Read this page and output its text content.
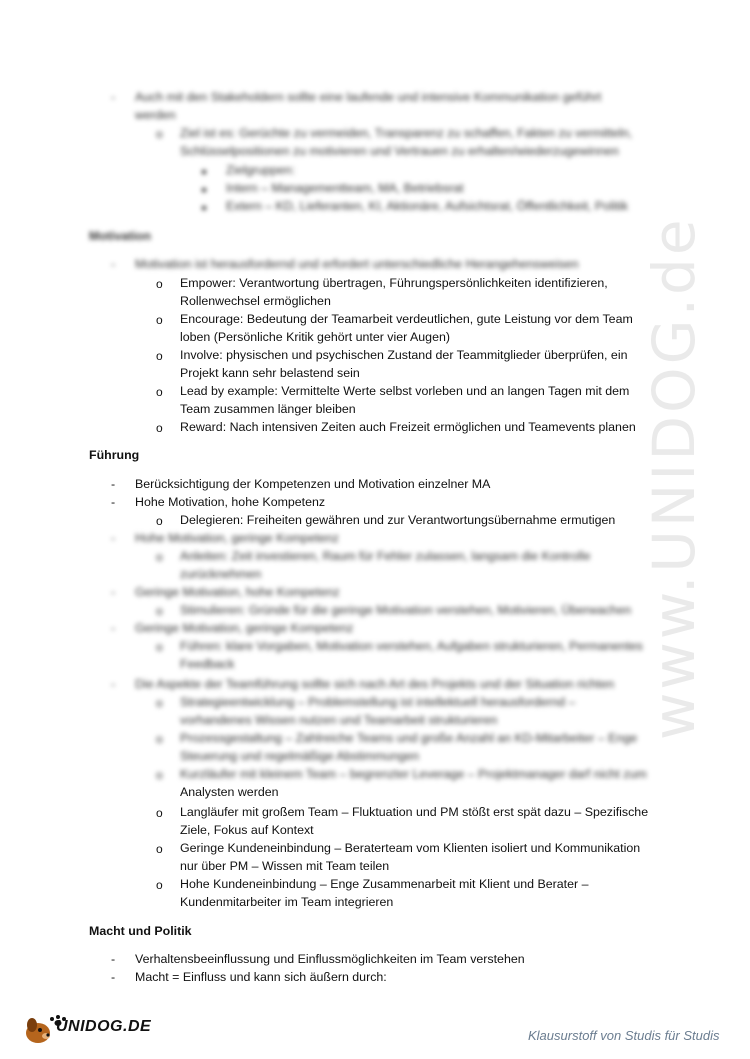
www.UNIDOG.de
- Auch mit den Stakeholdern sollte eine laufende und intensive Kommunikation geführt
werden
o Ziel ist es: Gerüchte zu vermeiden, Transparenz zu schaffen, Fakten zu vermitteln,
Schlüsselpositionen zu motivieren und Vertrauen zu erhalten/wiederzugewinnen
Zielgruppen:
Intern – Managementteam, MA, Betriebsrat
Extern – KD, Lieferanten, KI, Aktionäre, Aufsichtsrat, Öffentlichkeit, Politik
Motivation
- Motivation ist herausfordernd und erfordert unterschiedliche Herangehensweisen
o Empower: Verantwortung übertragen, Führungspersönlichkeiten identifizieren,
Rollenwechsel ermöglichen
o Encourage: Bedeutung der Teamarbeit verdeutlichen, gute Leistung vor dem Team
loben (Persönliche Kritik gehört unter vier Augen)
o Involve: physischen und psychischen Zustand der Teammitglieder überprüfen, ein
Projekt kann sehr belastend sein
o Lead by example: Vermittelte Werte selbst vorleben und an langen Tagen mit dem
Team zusammen länger bleiben
o Reward: Nach intensiven Zeiten auch Freizeit ermöglichen und Teamevents planen
Führung
- Berücksichtigung der Kompetenzen und Motivation einzelner MA
- Hohe Motivation, hohe Kompetenz
o Delegieren: Freiheiten gewähren und zur Verantwortungsübernahme ermutigen
- Hohe Motivation, geringe Kompetenz
o Anleiten: Zeit investieren, Raum für Fehler zulassen, langsam die Kontrolle
zurücknehmen
- Geringe Motivation, hohe Kompetenz
o Stimulieren: Gründe für die geringe Motivation verstehen, Motivieren, Überwachen
- Geringe Motivation, geringe Kompetenz
o Führen: klare Vorgaben, Motivation verstehen, Aufgaben strukturieren, Permanentes
Feedback
- Die Aspekte der Teamführung sollte sich nach Art des Projekts und der Situation richten
o Strategieentwicklung – Problemstellung ist intellektuell herausfordernd –
vorhandenes Wissen nutzen und Teamarbeit strukturieren
o Prozessgestaltung – Zahlreiche Teams und große Anzahl an KD-Mitarbeiter – Enge
Steuerung und regelmäßige Abstimmungen
o Kurzläufer mit kleinem Team – begrenzter Leverage – Projektmanager darf nicht zum
Analysten werden
o Langläufer mit großem Team – Fluktuation und PM stößt erst spät dazu – Spezifische
Ziele, Fokus auf Kontext
o Geringe Kundeneinbindung – Beraterteam vom Klienten isoliert und Kommunikation
nur über PM – Wissen mit Team teilen
o Hohe Kundeneinbindung – Enge Zusammenarbeit mit Klient und Berater –
Kundenmitarbeiter im Team integrieren
Macht und Politik
- Verhaltensbeeinflussung und Einflussmöglichkeiten im Team verstehen
- Macht = Einfluss und kann sich äußern durch:
UNIDOG.DE
Klausurstoff von Studis für Studis
